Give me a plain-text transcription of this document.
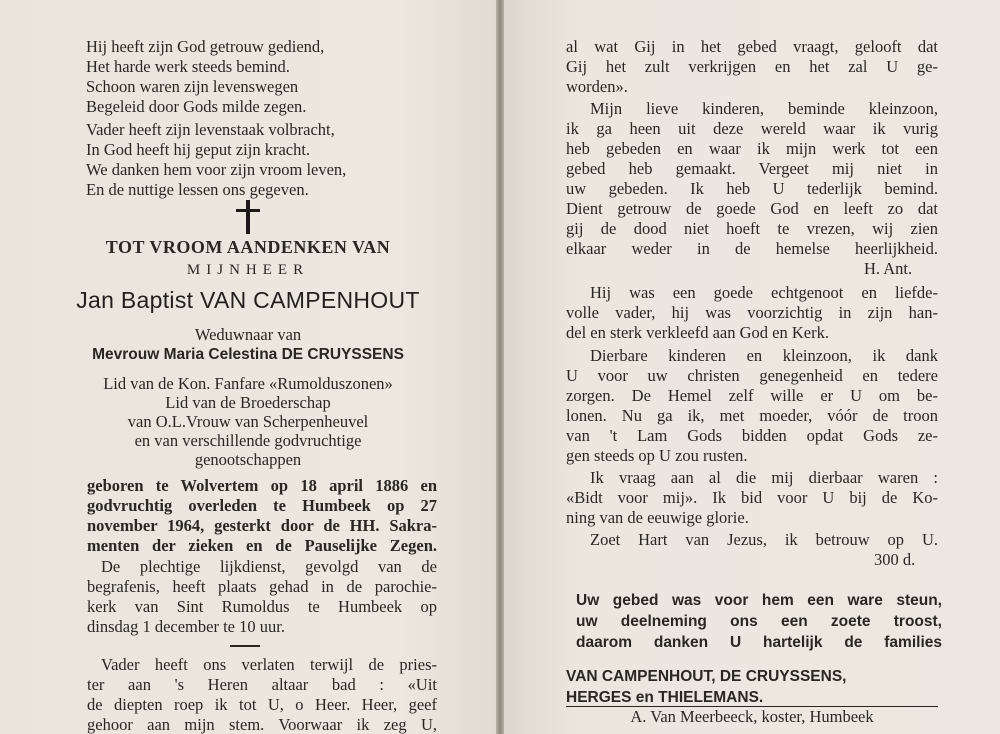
Hij heeft zijn God getrouw gediend,
Het harde werk steeds bemind.
Schoon waren zijn levenswegen
Begeleid door Gods milde zegen.
Vader heeft zijn levenstaak volbracht,
In God heeft hij geput zijn kracht.
We danken hem voor zijn vroom leven,
En de nuttige lessen ons gegeven.
TOT VROOM AANDENKEN VAN
MIJNHEER
Jan Baptist VAN CAMPENHOUT
Weduwnaar van
Mevrouw Maria Celestina DE CRUYSSENS
Lid van de Kon. Fanfare «Rumolduszonen»
Lid van de Broederschap
van O.L.Vrouw van Scherpenheuvel
en van verschillende godvruchtige
genootschappen
geboren te Wolvertem op 18 april 1886 en
godvruchtig overleden te Humbeek op 27
november 1964, gesterkt door de HH. Sakra-
menten der zieken en de Pauselijke Zegen.
De plechtige lijkdienst, gevolgd van de
begrafenis, heeft plaats gehad in de parochie-
kerk van Sint Rumoldus te Humbeek op
dinsdag 1 december te 10 uur.
Vader heeft ons verlaten terwijl de pries-
ter aan 's Heren altaar bad : «Uit
de diepten roep ik tot U, o Heer. Heer, geef
gehoor aan mijn stem. Voorwaar ik zeg U,
al wat Gij in het gebed vraagt, gelooft dat
Gij het zult verkrijgen en het zal U ge-
worden».
Mijn lieve kinderen, beminde kleinzoon,
ik ga heen uit deze wereld waar ik vurig
heb gebeden en waar ik mijn werk tot een
gebed heb gemaakt. Vergeet mij niet in
uw gebeden. Ik heb U tederlijk bemind.
Dient getrouw de goede God en leeft zo dat
gij de dood niet hoeft te vrezen, wij zien
elkaar weder in de hemelse heerlijkheid.
H. Ant.
Hij was een goede echtgenoot en liefde-
volle vader, hij was voorzichtig in zijn han-
del en sterk verkleefd aan God en Kerk.
Dierbare kinderen en kleinzoon, ik dank
U voor uw christen genegenheid en tedere
zorgen. De Hemel zelf wille er U om be-
lonen. Nu ga ik, met moeder, vóór de troon
van 't Lam Gods bidden opdat Gods ze-
gen steeds op U zou rusten.
Ik vraag aan al die mij dierbaar waren :
«Bidt voor mij». Ik bid voor U bij de Ko-
ning van de eeuwige glorie.
Zoet Hart van Jezus, ik betrouw op U.
300 d.
Uw gebed was voor hem een ware steun,
uw deelneming ons een zoete troost,
daarom danken U hartelijk de families
VAN CAMPENHOUT, DE CRUYSSENS,
HERGES en THIELEMANS.
A. Van Meerbeeck, koster, Humbeek
